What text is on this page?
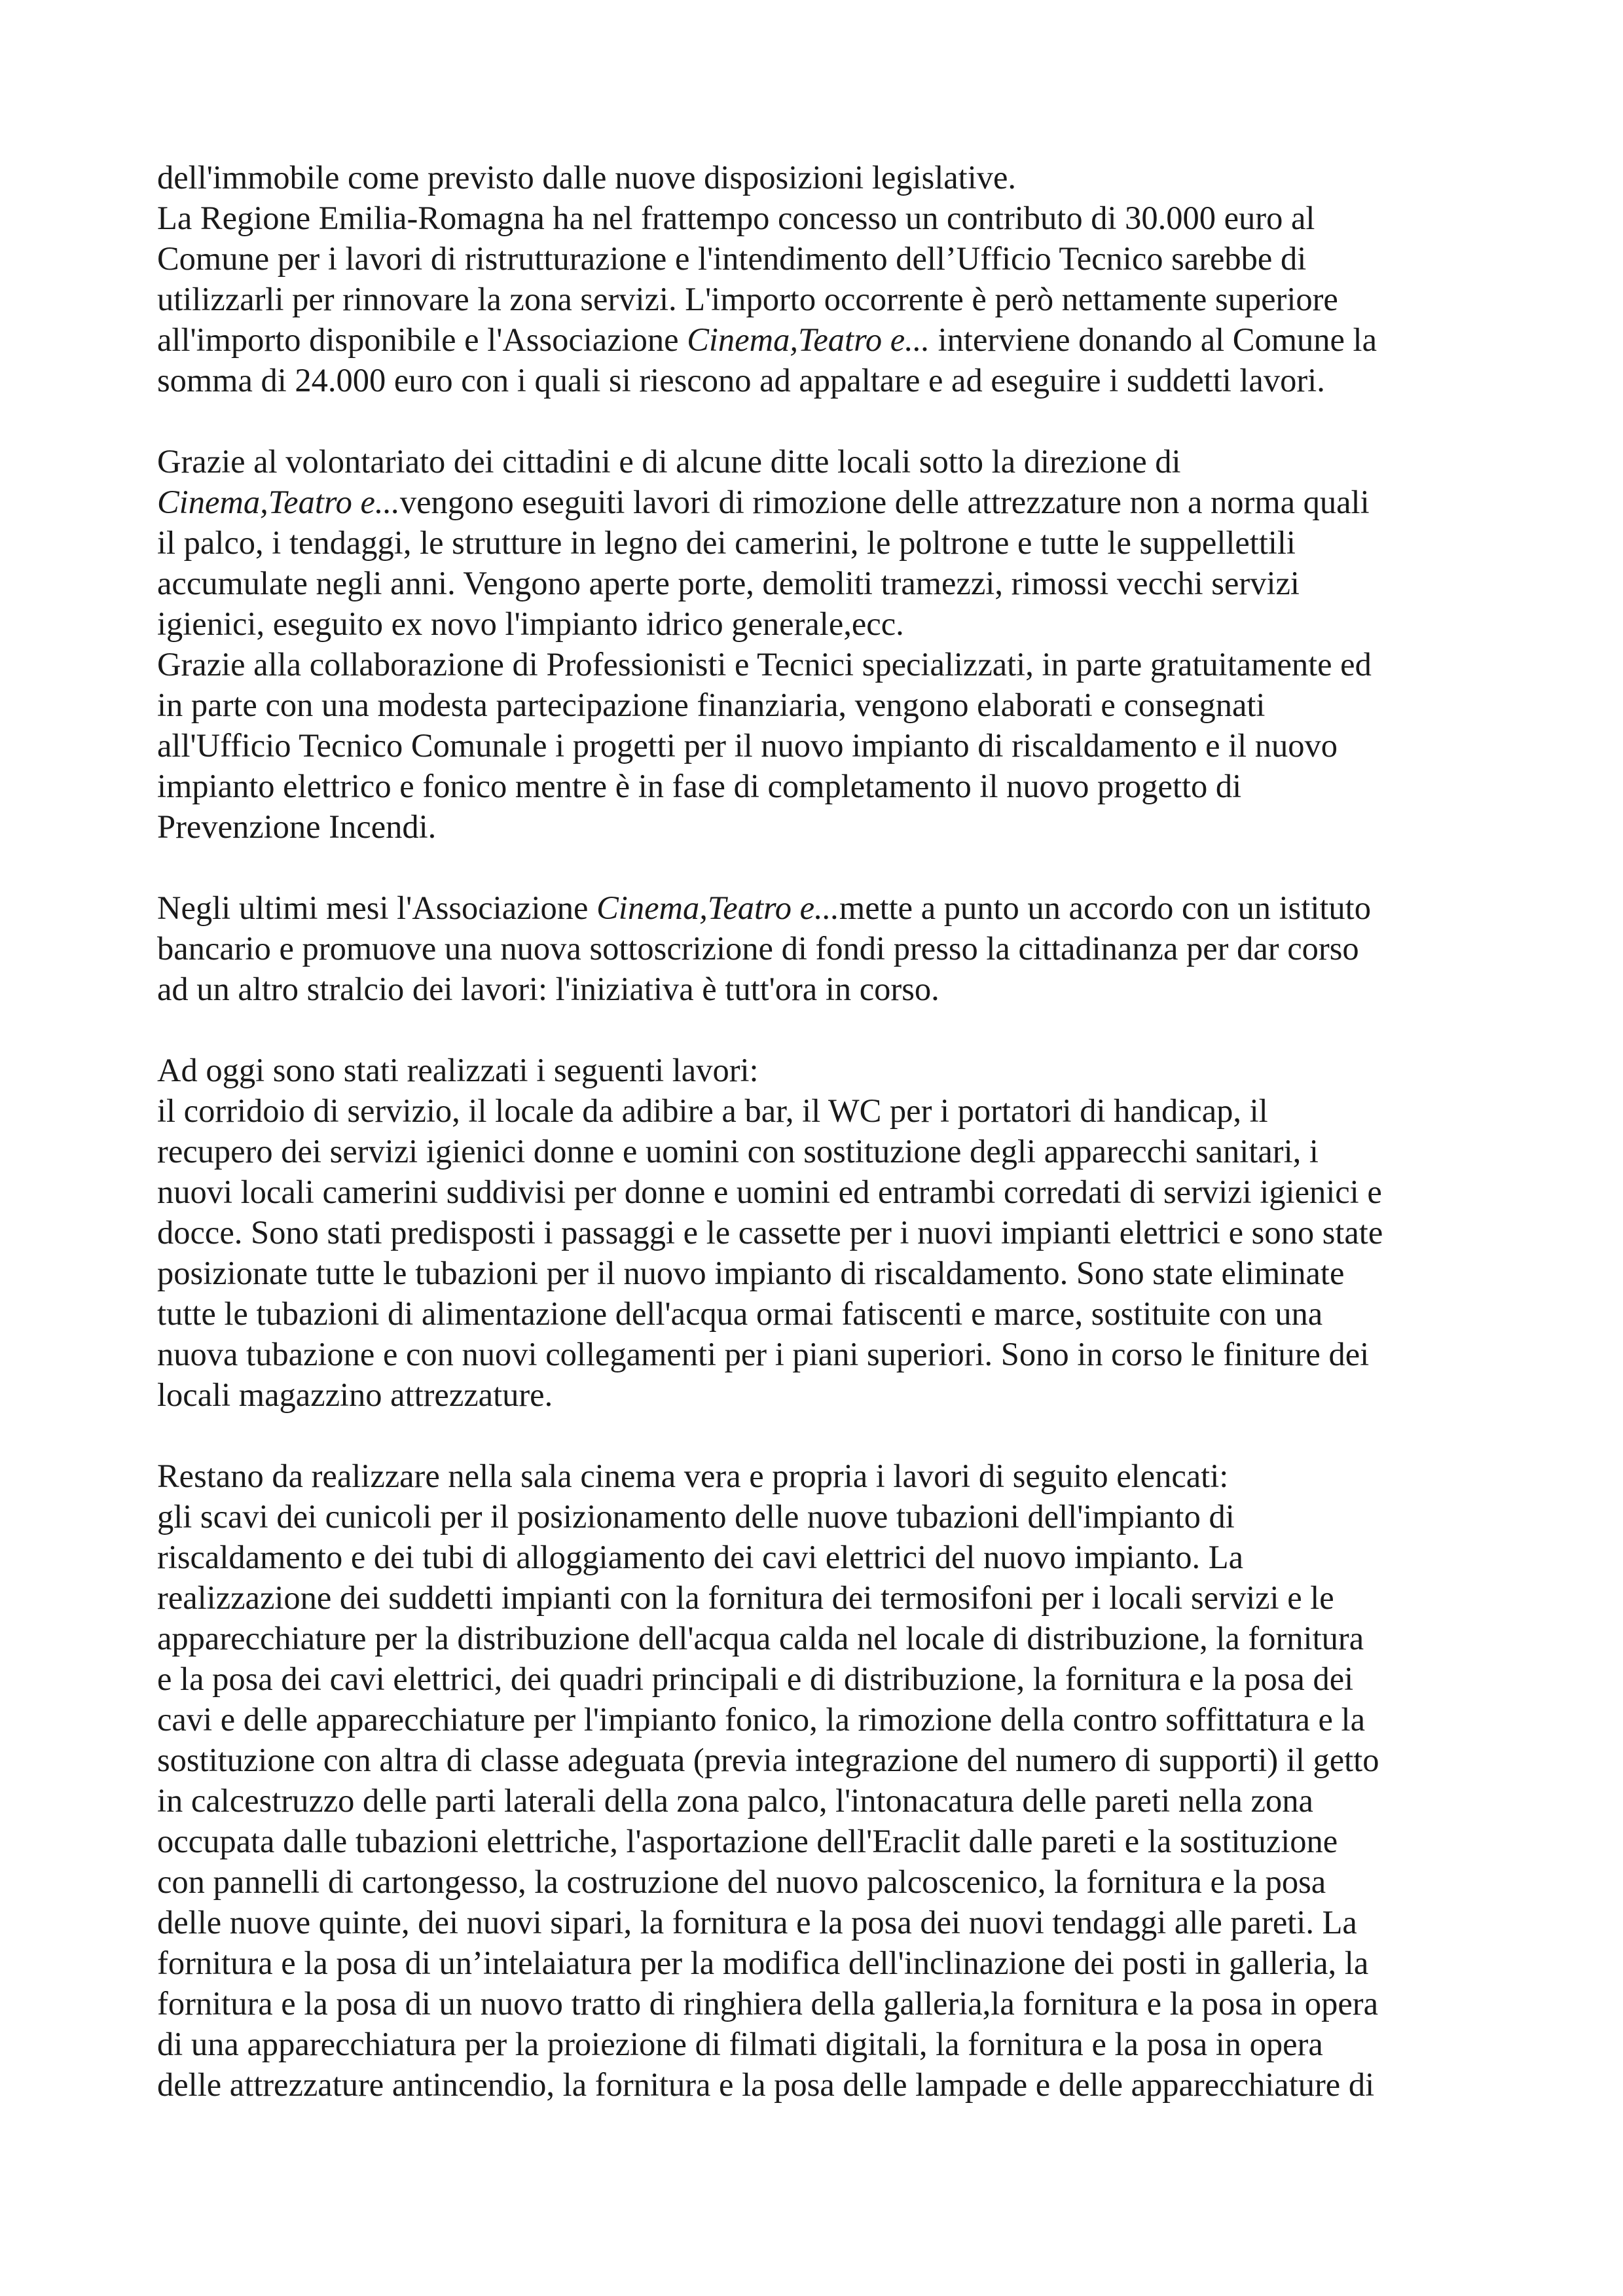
dell'immobile come previsto dalle nuove disposizioni legislative.
La Regione Emilia-Romagna ha nel frattempo concesso un contributo di 30.000 euro al
Comune per i lavori di ristrutturazione e l'intendimento dell’Ufficio Tecnico sarebbe di
utilizzarli per rinnovare la zona servizi. L'importo occorrente è però nettamente superiore
all'importo disponibile e l'Associazione Cinema,Teatro e... interviene donando al Comune la
somma di 24.000 euro con i quali si riescono ad appaltare e ad eseguire i suddetti lavori.
Grazie al volontariato dei cittadini e di alcune ditte locali sotto la direzione di
Cinema,Teatro e...vengono eseguiti lavori di rimozione delle attrezzature non a norma quali
il palco, i tendaggi, le strutture in legno dei camerini, le poltrone e tutte le suppellettili
accumulate negli anni. Vengono aperte porte, demoliti tramezzi, rimossi vecchi servizi
igienici, eseguito ex novo l'impianto idrico generale,ecc.
Grazie alla collaborazione di Professionisti e Tecnici specializzati, in parte gratuitamente ed
in parte con una modesta partecipazione finanziaria, vengono elaborati e consegnati
all'Ufficio Tecnico Comunale i progetti per il nuovo impianto di riscaldamento e il nuovo
impianto elettrico e fonico mentre è in fase di completamento il nuovo progetto di
Prevenzione Incendi.
Negli ultimi mesi l'Associazione Cinema,Teatro e...mette a punto un accordo con un istituto
bancario e promuove una nuova sottoscrizione di fondi presso la cittadinanza per dar corso
ad un altro stralcio dei lavori: l'iniziativa è tutt'ora in corso.
Ad oggi sono stati realizzati i seguenti lavori:
il corridoio di servizio, il locale da adibire a bar, il WC per i portatori di handicap, il
recupero dei servizi igienici donne e uomini con sostituzione degli apparecchi sanitari, i
nuovi locali camerini suddivisi per donne e uomini ed entrambi corredati di servizi igienici e
docce. Sono stati predisposti i passaggi e le cassette per i nuovi impianti elettrici e sono state
posizionate tutte le tubazioni per il nuovo impianto di riscaldamento. Sono state eliminate
tutte le tubazioni di alimentazione dell'acqua ormai fatiscenti e marce, sostituite con una
nuova tubazione e con nuovi collegamenti per i piani superiori. Sono in corso le finiture dei
locali magazzino attrezzature.
Restano da realizzare nella sala cinema vera e propria i lavori di seguito elencati:
gli scavi dei cunicoli per il posizionamento delle nuove tubazioni dell'impianto di
riscaldamento e dei tubi di alloggiamento dei cavi elettrici del nuovo impianto. La
realizzazione dei suddetti impianti con la fornitura dei termosifoni per i locali servizi e le
apparecchiature per la distribuzione dell'acqua calda nel locale di distribuzione, la fornitura
e la posa dei cavi elettrici, dei quadri principali e di distribuzione, la fornitura e la posa dei
cavi e delle apparecchiature per l'impianto fonico, la rimozione della contro soffittatura e la
sostituzione con altra di classe adeguata (previa integrazione del numero di supporti) il getto
in calcestruzzo delle parti laterali della zona palco, l'intonacatura delle pareti nella zona
occupata dalle tubazioni elettriche, l'asportazione dell'Eraclit dalle pareti e la sostituzione
con pannelli di cartongesso, la costruzione del nuovo palcoscenico, la fornitura e la posa
delle nuove quinte, dei nuovi sipari, la fornitura e la posa dei nuovi tendaggi alle pareti. La
fornitura e la posa di un’intelaiatura per la modifica dell'inclinazione dei posti in galleria, la
fornitura e la posa di un nuovo tratto di ringhiera della galleria,la fornitura e la posa in opera
di una apparecchiatura per la proiezione di filmati digitali, la fornitura e la posa in opera
delle attrezzature antincendio, la fornitura e la posa delle lampade e delle apparecchiature di
